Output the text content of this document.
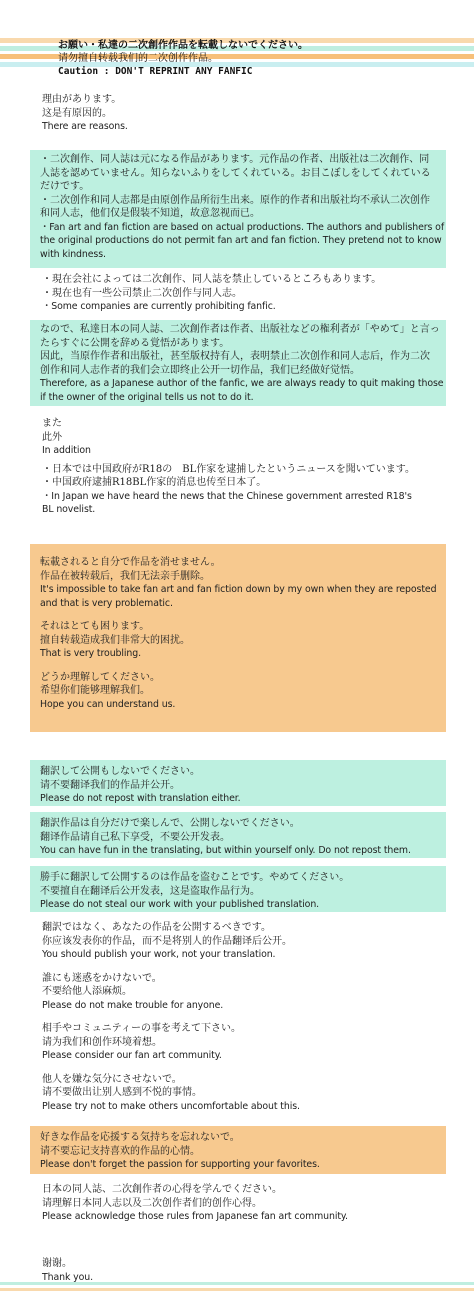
お願い・私達の二次創作作品を転載しないでください。
请勿擅自转载我们的二次创作作品。
Caution : DON'T REPRINT ANY FANFIC
理由があります。
这是有原因的。
There are reasons.
・二次創作、同人誌は元になる作品があります。元作品の作者、出版社は二次創作、同
人誌を認めていません。知らないふりをしてくれている。お目こぼしをしてくれている
だけです。
・二次创作和同人志都是由原创作品所衍生出来。原作的作者和出版社均不承认二次创作
和同人志，他们仅是假装不知道，故意忽视而已。
・Fan art and fan fiction are based on actual productions. The authors and publishers of
the original productions do not permit fan art and fan fiction. They pretend not to know
with kindness.
・現在会社によっては二次創作、同人誌を禁止しているところもあります。
・現在也有一些公司禁止二次创作与同人志。
・Some companies are currently prohibiting fanfic.
なので、私達日本の同人誌、二次創作者は作者、出版社などの権利者が「やめて」と言っ
たらすぐに公開を辞める覚悟があります。
因此，当原作作者和出版社，甚至版权持有人，表明禁止二次创作和同人志后，作为二次
创作和同人志作者的我们会立即终止公开一切作品，我们已经做好觉悟。
Therefore, as a Japanese author of the fanfic, we are always ready to quit making those
if the owner of the original tells us not to do it.
また
此外
In addition
・日本では中国政府がR18の　BL作家を逮捕したというニュースを聞いています。
・中国政府逮捕R18BL作家的消息也传至日本了。
・In Japan we have heard the news that the Chinese government arrested R18's
BL novelist.
転載されると自分で作品を消せません。
作品在被转载后，我们无法亲手删除。
It's impossible to take fan art and fan fiction down by my own when they are reposted
and that is very problematic.
それはとても困ります。
擅自转载造成我们非常大的困扰。
That is very troubling.
どうか理解してください。
希望你们能够理解我们。
Hope you can understand us.
翻訳して公開もしないでください。
请不要翻译我们的作品并公开。
Please do not repost with translation either.
翻訳作品は自分だけで楽しんで、公開しないでください。
翻译作品请自己私下享受，不要公开发表。
You can have fun in the translating, but within yourself only. Do not repost them.
勝手に翻訳して公開するのは作品を盗むことです。やめてください。
不要擅自在翻译后公开发表，这是盗取作品行为。
Please do not steal our work with your published translation.
翻訳ではなく、あなたの作品を公開するべきです。
你应该发表你的作品，而不是将别人的作品翻译后公开。
You should publish your work, not your translation.
誰にも迷惑をかけないで。
不要给他人添麻烦。
Please do not make trouble for anyone.
相手やコミュニティーの事を考えて下さい。
请为我们和创作环境着想。
Please consider our fan art community.
他人を嫌な気分にさせないで。
请不要做出让别人感到不悦的事情。
Please try not to make others uncomfortable about this.
好きな作品を応援する気持ちを忘れないで。
请不要忘记支持喜欢的作品的心情。
Please don't forget the passion for supporting your favorites.
日本の同人誌、二次創作者の心得を学んでください。
请理解日本同人志以及二次创作者们的创作心得。
Please acknowledge those rules from Japanese fan art community.
谢谢。
Thank you.
